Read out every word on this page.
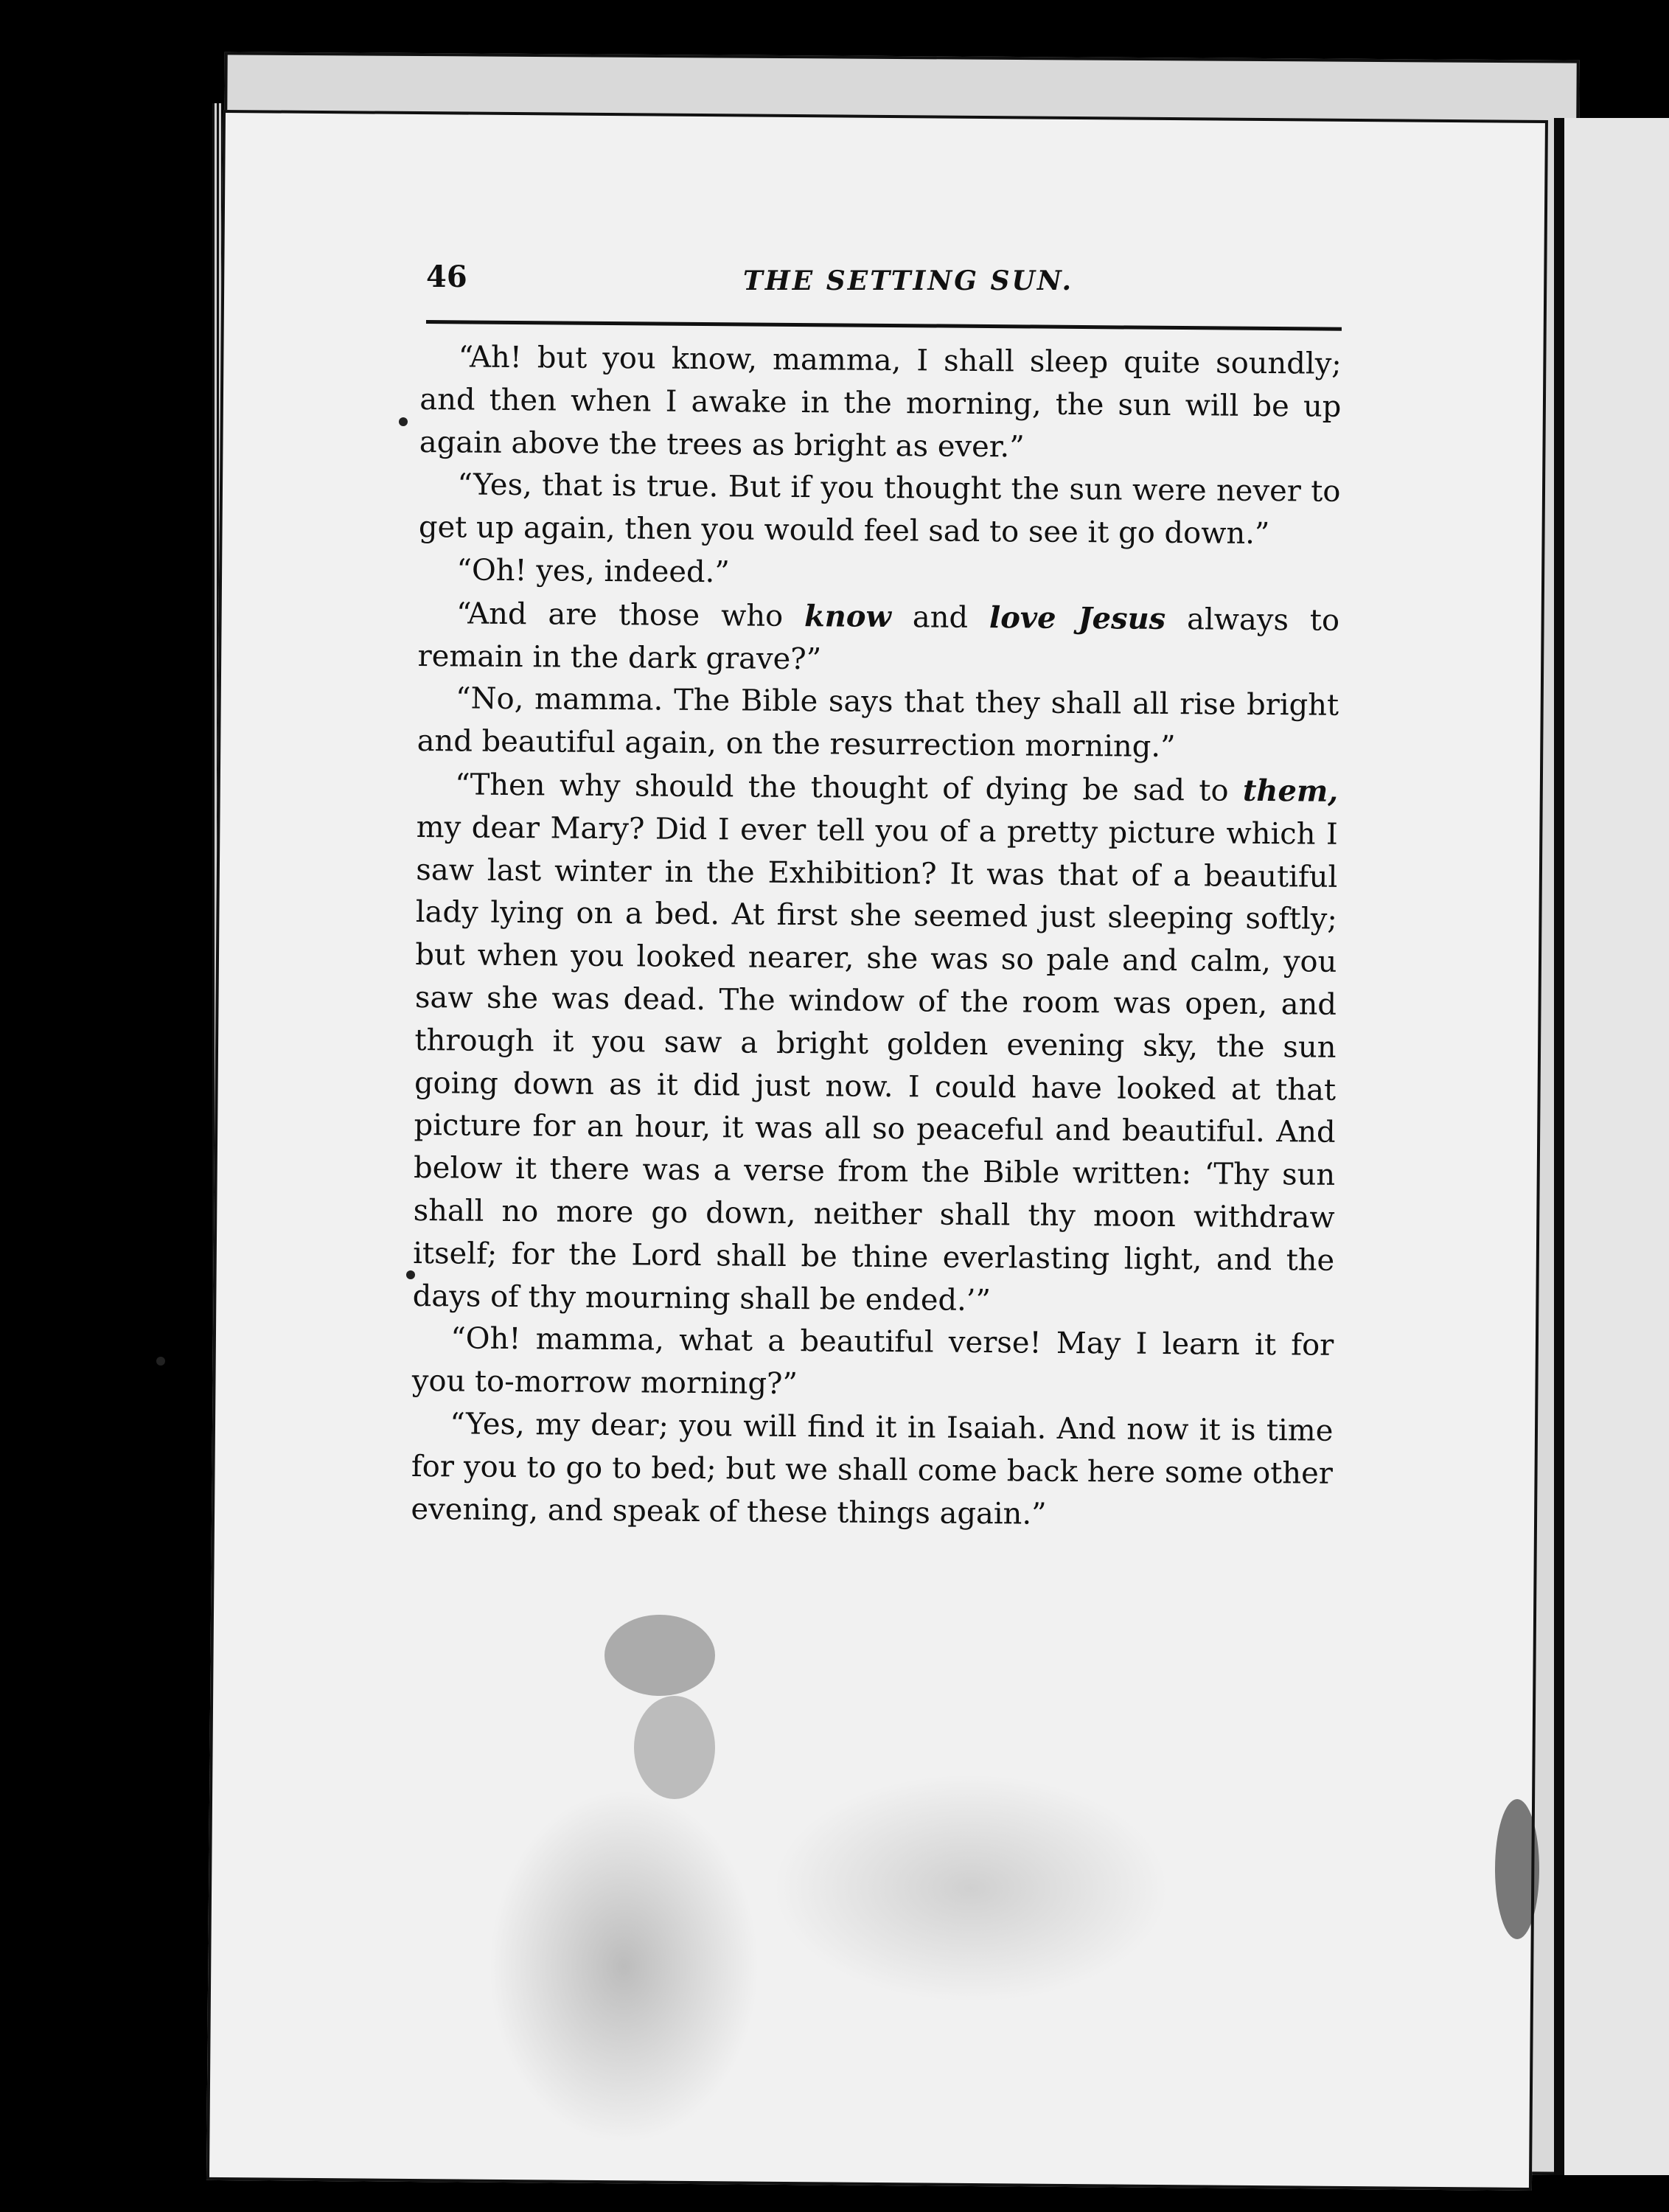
46	THE SETTING SUN.

“Ah! but you know, mamma, I shall sleep quite soundly; and then when I awake in the morning, the sun will be up again above the trees as bright as ever.”

“Yes, that is true. But if you thought the sun were never to get up again, then you would feel sad to see it go down.”

“Oh! yes, indeed.”

“And are those who know and love Jesus always to remain in the dark grave?”

“No, mamma. The Bible says that they shall all rise bright and beautiful again, on the resurrection morning.”

“Then why should the thought of dying be sad to them, my dear Mary? Did I ever tell you of a pretty picture which I saw last winter in the Exhibition? It was that of a beautiful lady lying on a bed. At first she seemed just sleeping softly; but when you looked nearer, she was so pale and calm, you saw she was dead. The window of the room was open, and through it you saw a bright golden evening sky, the sun going down as it did just now. I could have looked at that picture for an hour, it was all so peaceful and beautiful. And below it there was a verse from the Bible written: ‘Thy sun shall no more go down, neither shall thy moon withdraw itself; for the Lord shall be thine everlasting light, and the days of thy mourning shall be ended.’”

“Oh! mamma, what a beautiful verse! May I learn it for you to-morrow morning?”

“Yes, my dear; you will find it in Isaiah. And now it is time for you to go to bed; but we shall come back here some other evening, and speak of these things again.”
